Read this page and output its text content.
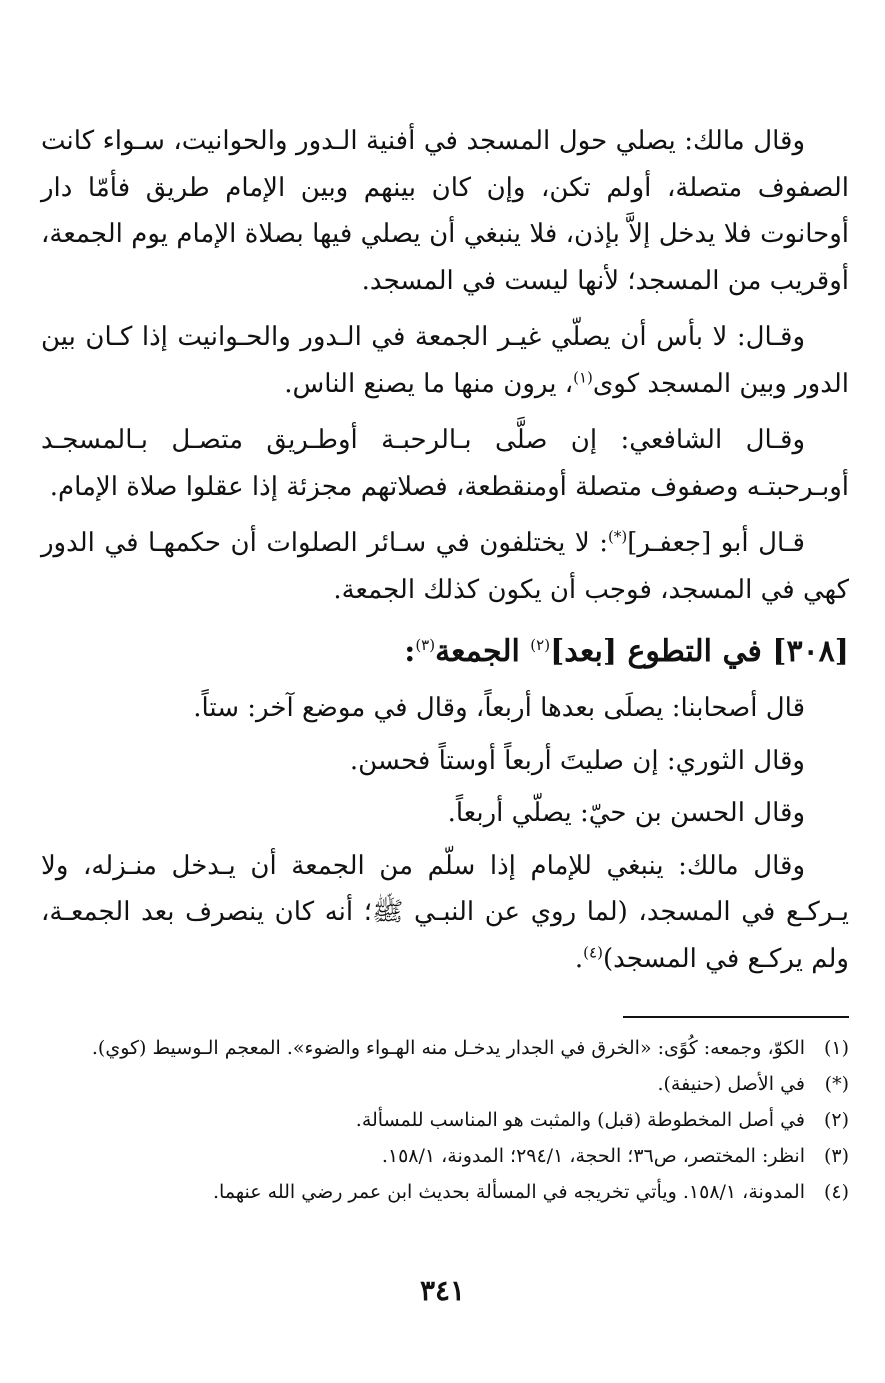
وقال مالك: يصلي حول المسجد في أفنية الـدور والحوانيت، سـواء كانت الصفوف متصلة، أولم تكن، وإن كان بينهم وبين الإمام طريق فأمّا دار أوحانوت فلا يدخل إلاَّ بإذن، فلا ينبغي أن يصلي فيها بصلاة الإمام يوم الجمعة، أوقريب من المسجد؛ لأنها ليست في المسجد.

وقـال: لا بأس أن يصلّي غيـر الجمعة في الـدور والحـوانيت إذا كـان بين الدور وبين المسجد كوى$^{(١)}$، يرون منها ما يصنع الناس.

وقـال الشافعي: إن صلَّى بـالرحبـة أوطـريق متصـل بـالمسجـد أوبـرحبتـه وصفوف متصلة أومنقطعة، فصلاتهم مجزئة إذا عقلوا صلاة الإمام.

قـال أبو [جعفـر](*): لا يختلفون في سـائر الصلوات أن حكمهـا في الدور كهي في المسجد، فوجب أن يكون كذلك الجمعة.

[٣٠٨] في التطوع [بعد]$^{(٢)}$ الجمعة$^{(٣)}$:

قال أصحابنا: يصلَى بعدها أربعاً، وقال في موضع آخر: ستاً.

وقال الثوري: إن صليتَ أربعاً أوستاً فحسن.

وقال الحسن بن حيّ: يصلّي أربعاً.

وقال مالك: ينبغي للإمام إذا سلّم من الجمعة أن يـدخل منـزله، ولا يـركـع في المسجد، (لما روي عن النبـي ﷺ؛ أنه كان ينصرف بعد الجمعـة، ولم يركـع في المسجد)$^{(٤)}$.

(١)
الكوّ، وجمعه: كُوًى: «الخرق في الجدار يدخـل منه الهـواء والضوء». المعجم الـوسيط (كوي).
(*)
في الأصل (حنيفة).
(٢)
في أصل المخطوطة (قبل) والمثبت هو المناسب للمسألة.
(٣)
انظر: المختصر، ص٣٦؛ الحجة، ٢٩٤/١؛ المدونة، ١٥٨/١.
(٤)
المدونة، ١٥٨/١. ويأتي تخريجه في المسألة بحديث ابن عمر رضي الله عنهما.
٣٤١
